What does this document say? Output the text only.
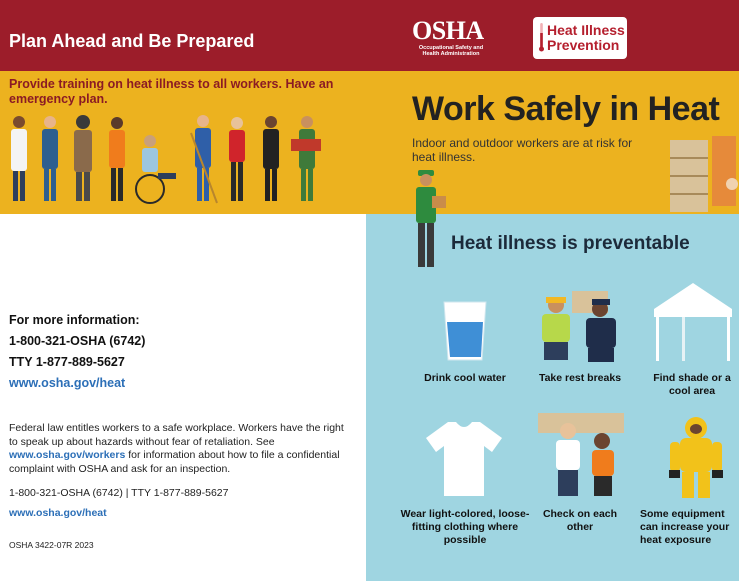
Plan Ahead and Be Prepared	OSHA
Occupational Safety and Health Administration
Heat Illness
Prevention
Provide training on heat illness to all workers. Have an emergency plan.	Work Safely in Heat
Indoor and outdoor workers are at risk for heat illness.
For more information:
1-800-321-OSHA (6742)
TTY 1-877-889-5627
www.osha.gov/heat
Federal law entitles workers to a safe workplace. Workers have the right to speak up about hazards without fear of retaliation. See www.osha.gov/workers for information about how to file a confidential complaint with OSHA and ask for an inspection.
1-800-321-OSHA (6742) | TTY 1-877-889-5627
www.osha.gov/heat
OSHA 3422-07R 2023
Heat illness is preventable
Drink cool water	Take rest breaks	Find shade or a cool area
Wear light-colored, loose-fitting clothing where possible
Check on each other
Some equipment can increase your heat exposure
